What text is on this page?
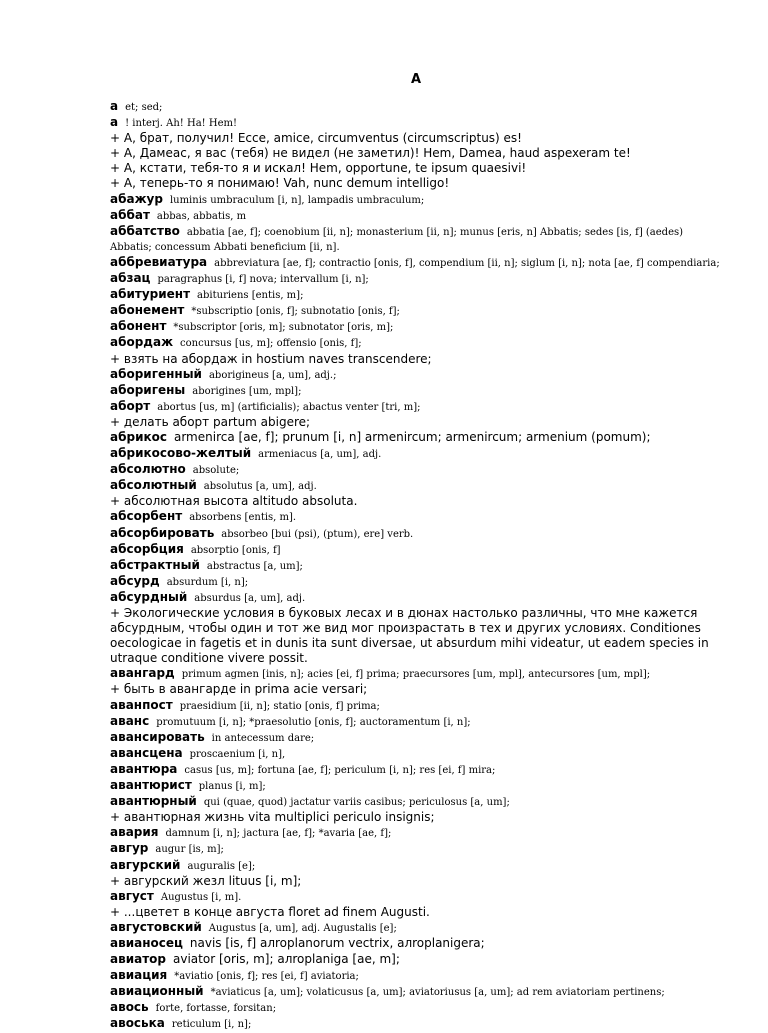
А
а et; sed;
а ! interj. Ah! Ha! Hem!
+ А, брат, получил! Ecce, amice, circumventus (circumscriptus) es!
+ А, Дамеас, я вас (тебя) не видел (не заметил)! Hem, Damea, haud aspexeram te!
+ А, кстати, тебя-то я и искал! Hem, opportune, te ipsum quaesivi!
+ А, теперь-то я понимаю! Vah, nunc demum intelligo!
абажур luminis umbraculum [i, n], lampadis umbraculum;
аббат abbas, abbatis, m
аббатство abbatia [ae, f]; coenobium [ii, n]; monasterium [ii, n]; munus [eris, n] Abbatis; sedes [is, f] (aedes) Abbatis; concessum Abbati beneficium [ii, n].
аббревиатура abbreviatura [ae, f]; contractio [onis, f], compendium [ii, n]; siglum [i, n]; nota [ae, f] compendiaria;
абзац paragraphus [i, f] nova; intervallum [i, n];
абитуриент abituriens [entis, m];
абонемент *subscriptio [onis, f]; subnotatio [onis, f];
абонент *subscriptor [oris, m]; subnotator [oris, m];
абордаж concursus [us, m]; offensio [onis, f];
+ взять на абордаж in hostium naves transcendere;
аборигенный aborigineus [a, um], adj.;
аборигены aborigines [um, mpl];
аборт abortus [us, m] (artificialis); abactus venter [tri, m];
+ делать аборт partum abigere;
абрикос armenirca [ae, f]; prunum [i, n] armenircum; armenircum; armenium (pomum);
абрикосово-желтый armeniacus [a, um], adj.
абсолютно absolute;
абсолютный absolutus [a, um], adj.
+ абсолютная высота altitudo absoluta.
абсорбент absorbens [entis, m].
абсорбировать absorbeo [bui (psi), (ptum), ere] verb.
абсорбция absorptio [onis, f]
абстрактный abstractus [a, um];
абсурд absurdum [i, n];
абсурдный absurdus [a, um], adj.
+ Экологические условия в буковых лесах и в дюнах настолько различны, что мне кажется абсурдным, чтобы один и тот же вид мог произрастать в тех и других условиях. Conditiones oecologicae in fagetis et in dunis ita sunt diversae, ut absurdum mihi videatur, ut eadem species in utraque conditione vivere possit.
авангард primum agmen [inis, n]; acies [ei, f] prima; praecursores [um, mpl], antecursores [um, mpl];
+ быть в авангарде in prima acie versari;
аванпост praesidium [ii, n]; statio [onis, f] prima;
аванс promutuum [i, n]; *praesolutio [onis, f]; auctoramentum [i, n];
авансировать in antecessum dare;
авансцена proscaenium [i, n],
авантюра casus [us, m]; fortuna [ae, f]; periculum [i, n]; res [ei, f] mira;
авантюрист planus [i, m];
авантюрный qui (quae, quod) jactatur variis casibus; periculosus [a, um];
+ авантюрная жизнь vita multiplici periculo insignis;
авария damnum [i, n]; jactura [ae, f]; *avaria [ae, f];
авгур augur [is, m];
авгурский auguralis [e];
+ авгурский жезл lituus [i, m];
август Augustus [i, m].
+ ...цветет в конце августа floret ad finem Augusti.
августовский Augustus [a, um], adj. Augustalis [e];
авианосец navis [is, f] aлroplanorum vectrix, aлroplanіgera;
авиатор aviator [oris, m]; aлroplaniga [ae, m];
авиация *aviatio [onis, f]; res [ei, f] aviatoria;
авиационный *aviaticus [a, um]; volaticusus [a, um]; aviatoriusus [a, um]; ad rem aviatoriam pertinens;
авось forte, fortasse, forsitan;
авоська reticulum [i, n];
